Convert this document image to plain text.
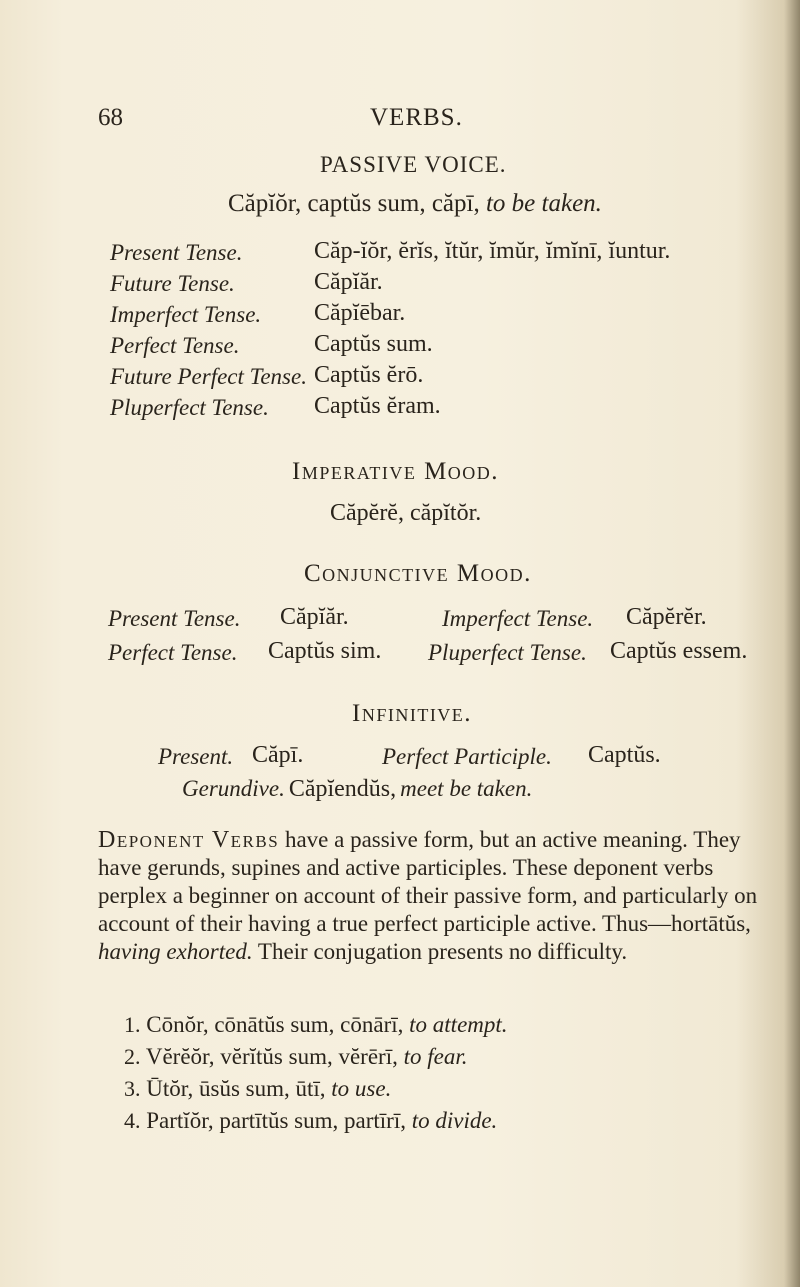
68	VERBS.
PASSIVE VOICE.
Căpĭŏr, captŭs sum, căpī, to be taken.
Present Tense.	Căp-ĭŏr, ĕrĭs, ĭtŭr, ĭmŭr, ĭmĭnī, ĭuntur.
Future Tense.	Căpĭăr.
Imperfect Tense. Căpĭēbar.
Perfect Tense.	Captŭs sum.
Future Perfect Tense. Captŭs ĕrō.
Pluperfect Tense. Captŭs ĕram.
Imperative Mood.
Căpĕrĕ, căpĭtŏr.
Conjunctive Mood.
Present Tense. Căpĭăr.	Imperfect Tense. Căpĕrĕr.
Perfect Tense. Captŭs sim. Pluperfect Tense. Captŭs essem.
Infinitive.
Present. Căpī.	Perfect Participle. Captŭs.
Gerundive. Căpĭendŭs, meet be taken.
Deponent Verbs have a passive form, but an active meaning. They have gerunds, supines and active participles. These deponent verbs perplex a beginner on account of their passive form, and particularly on account of their having a true perfect participle active. Thus—hortātŭs, having exhorted. Their conjugation presents no difficulty.
1. Cōnŏr, cōnātŭs sum, cōnārī, to attempt.
2. Vĕrĕŏr, vĕrĭtŭs sum, vĕrērī, to fear.
3. Ūtŏr, ūsŭs sum, ūtī, to use.
4. Partĭŏr, partītŭs sum, partīrī, to divide.
